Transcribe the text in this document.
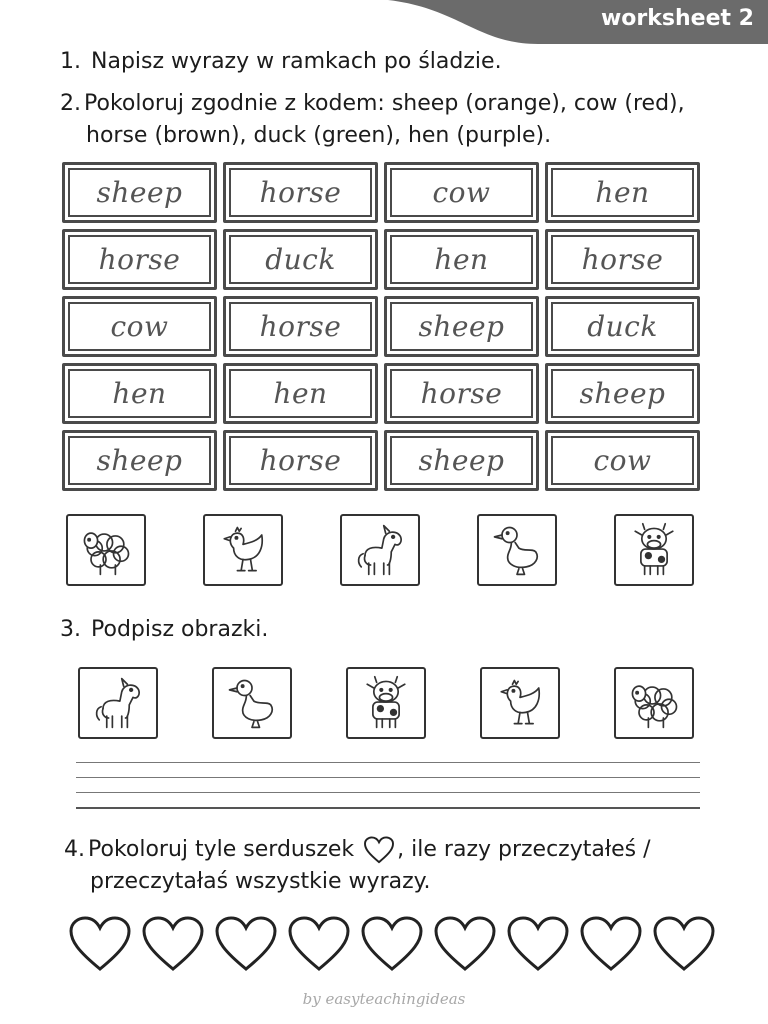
worksheet 2
1. Napisz wyrazy w ramkach po śladzie.
2. Pokoloruj zgodnie z kodem: sheep (orange), cow (red),
horse (brown), duck (green), hen (purple).
sheep	horse	cow	hen
horse	duck	hen	horse
cow	horse	sheep	duck
hen	hen	horse	sheep
sheep	horse	sheep	cow
3. Podpisz obrazki.
4. Pokoloruj tyle serduszek , ile razy przeczytałeś /
przeczytałaś wszystkie wyrazy.
by easyteachingideas
